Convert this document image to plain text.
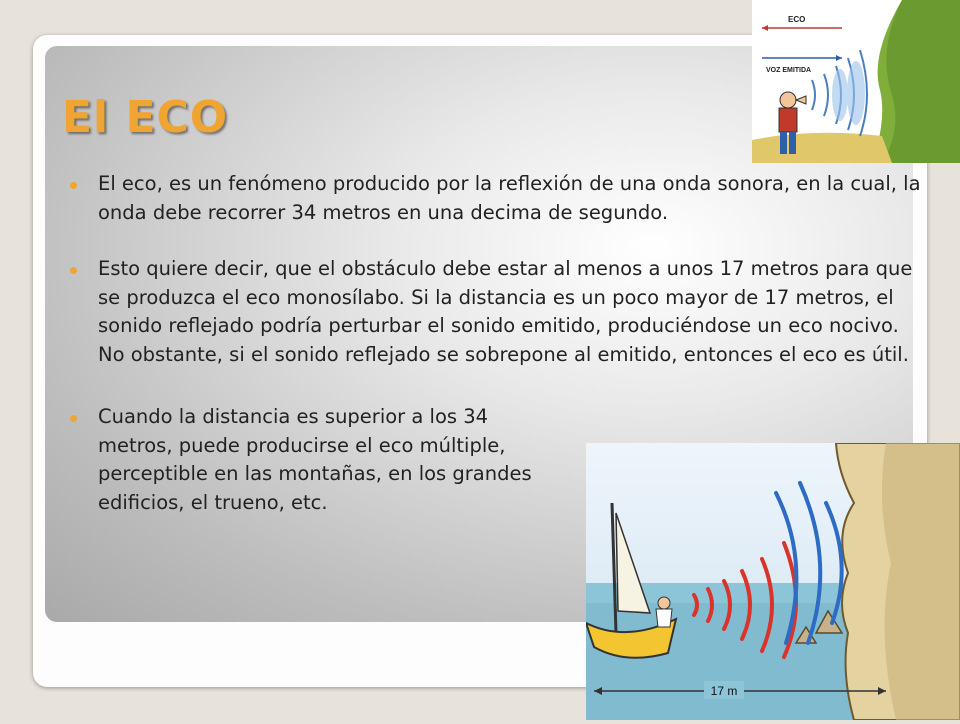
El ECO
El eco, es un fenómeno producido por la reflexión de una onda sonora, en la cual, la onda debe recorrer 34 metros en una decima de segundo.
Esto quiere decir, que el obstáculo debe estar al menos a unos 17 metros para que se produzca el eco monosílabo. Si la distancia es un poco mayor de 17 metros, el sonido reflejado podría perturbar el sonido emitido, produciéndose un eco nocivo. No obstante, si el sonido reflejado se sobrepone al emitido, entonces el eco es útil.
Cuando la distancia es superior a los 34 metros, puede producirse el eco múltiple, perceptible en las montañas, en los grandes edificios, el trueno, etc.
ECO
VOZ EMITIDA
17 m
